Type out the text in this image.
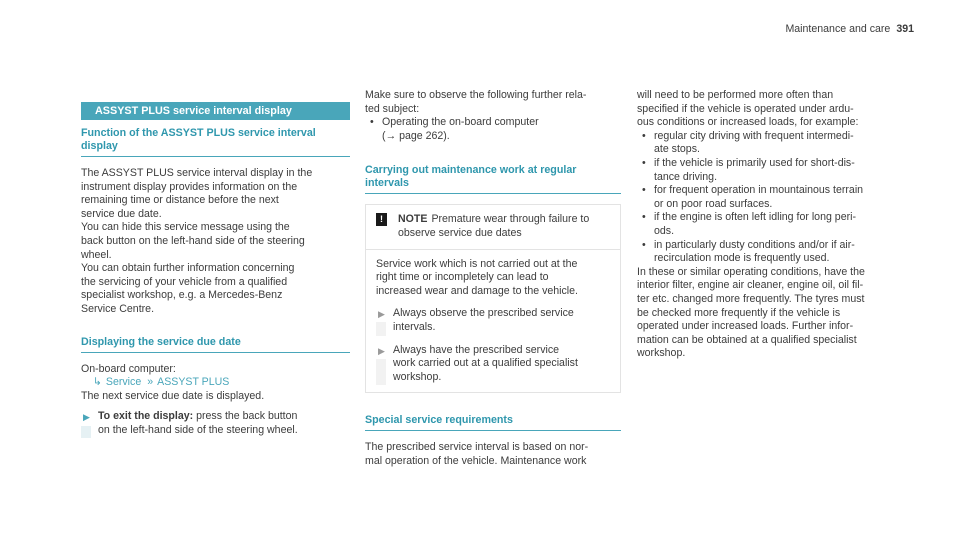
Maintenance and care 391
ASSYST PLUS service interval display
Function of the ASSYST PLUS service interval
display
The ASSYST PLUS service interval display in the
instrument display provides information on the
remaining time or distance before the next
service due date.
You can hide this service message using the
back button on the left-hand side of the steering
wheel.
You can obtain further information concerning
the servicing of your vehicle from a qualified
specialist workshop, e.g. a Mercedes-Benz
Service Centre.
Displaying the service due date
On-board computer:
↳ Service » ASSYST PLUS
The next service due date is displayed.
▶ To exit the display: press the back button
on the left-hand side of the steering wheel.
Make sure to observe the following further rela-
ted subject:
• Operating the on-board computer
(→ page 262).
Carrying out maintenance work at regular
intervals
!	NOTE Premature wear through failure to
observe service due dates
Service work which is not carried out at the
right time or incompletely can lead to
increased wear and damage to the vehicle.
▶ Always observe the prescribed service
intervals.
▶ Always have the prescribed service
work carried out at a qualified specialist
workshop.
Special service requirements
The prescribed service interval is based on nor-
mal operation of the vehicle. Maintenance work
will need to be performed more often than
specified if the vehicle is operated under ardu-
ous conditions or increased loads, for example:
• regular city driving with frequent intermedi-
ate stops.
• if the vehicle is primarily used for short-dis-
tance driving.
• for frequent operation in mountainous terrain
or on poor road surfaces.
• if the engine is often left idling for long peri-
ods.
• in particularly dusty conditions and/or if air-
recirculation mode is frequently used.
In these or similar operating conditions, have the
interior filter, engine air cleaner, engine oil, oil fil-
ter etc. changed more frequently. The tyres must
be checked more frequently if the vehicle is
operated under increased loads. Further infor-
mation can be obtained at a qualified specialist
workshop.
